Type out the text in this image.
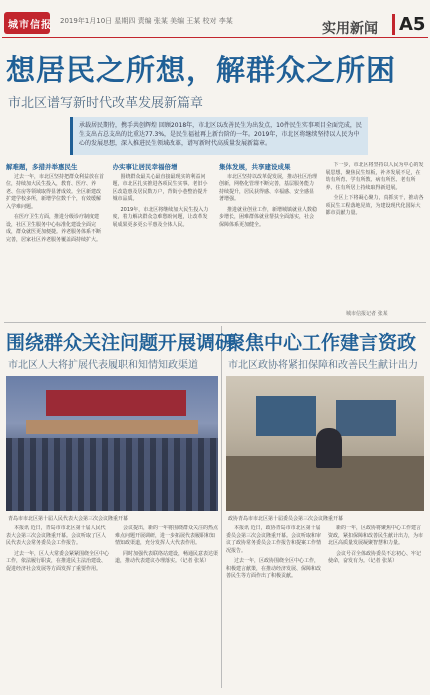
城市信报 2019年1月10日 星期四 责编 张某 美编 王某 校对 李某	实用新闻	A5
想居民之所想，解群众之所困
市北区谱写新时代改革发展新篇章

承载居民期待，携手共创辉煌 回顾2018年，市北区以改善民生为出发点，10件民生实事项目全面完成，民生支出占总支出的比重达77.3%，是民生福祉再上新台阶的一年。2019年，市北区将继续坚持以人民为中心的发展思想，深入推进民生领域改革，谱写新时代高质量发展新篇章。

解难题，多措并举惠民生

过去一年，市北区坚持把群众利益放在首位，持续加大民生投入，教育、医疗、养老、住房等领域取得显著成效。全区新建改扩建学校多所，新增学位数千个，有效缓解入学难问题。

在医疗卫生方面，推进分级诊疗制度建设，社区卫生服务中心标准化建设全面完成，群众就医更加便捷。养老服务体系不断完善，居家社区养老服务覆盖面持续扩大。

办实事让居民幸福倍增

围绕群众最关心最直接最现实的利益问题，市北区扎实推进各项民生实事。老旧小区改造惠及居民数万户，背街小巷整治提升城市品质。

2019年，市北区将继续加大民生投入力度，着力解决群众急难愁盼问题，让改革发展成果更多更公平惠及全体人民。

集体发展，共享建设成果

市北区坚持以改革促发展，推动社区治理创新，网格化管理不断完善，基层服务能力持续提升，居民获得感、幸福感、安全感显著增强。

推进就业创业工作，新增城镇就业人数稳步增长，困难群体就业帮扶全面落实，社会保障体系更加健全。

下一步，市北区将坚持以人民为中心的发展思想，聚焦民生短板，补齐发展不足，在幼有所育、学有所教、病有所医、老有所养、住有所居上持续取得新进展。

全区上下将凝心聚力，真抓实干，推动各项民生工程落地见效，为建设现代化国际大都市贡献力量。

城市信报记者 张某
围绕群众关注问题开展调研
市北区人大将扩展代表履职和知情知政渠道
青岛市市北区第十届人民代表大会第三次会议隆重开幕

本报讯 近日，青岛市市北区第十届人民代表大会第三次会议隆重开幕。会议听取了区人民代表大会常务委员会工作报告。

过去一年，区人大常委会紧紧围绕全区中心工作，依法履行职责，在推进民主法治建设、促进经济社会发展等方面发挥了重要作用。

会议提出，新的一年将围绕群众关注的热点难点问题开展调研，进一步拓展代表履职和知情知政渠道，充分发挥人大代表作用。

同时加强代表联络站建设，畅通民意表达渠道，推动代表建议办理落实。（记者 张某）

聚焦中心工作建言资政
市北区政协将紧扣保障和改善民生献计出力
政协青岛市市北区第十届委员会第三次会议隆重开幕

本报讯 近日，政协青岛市市北区第十届委员会第三次会议隆重开幕。会议听取和审议了政协常务委员会工作报告和提案工作情况报告。

过去一年，区政协围绕全区中心工作，积极建言献策，在推动经济发展、保障和改善民生等方面作出了积极贡献。

新的一年，区政协将聚焦中心工作建言资政，紧扣保障和改善民生献计出力，为市北区高质量发展凝聚智慧和力量。

会议号召全体政协委员不忘初心、牢记使命，奋发有为。（记者 张某）
